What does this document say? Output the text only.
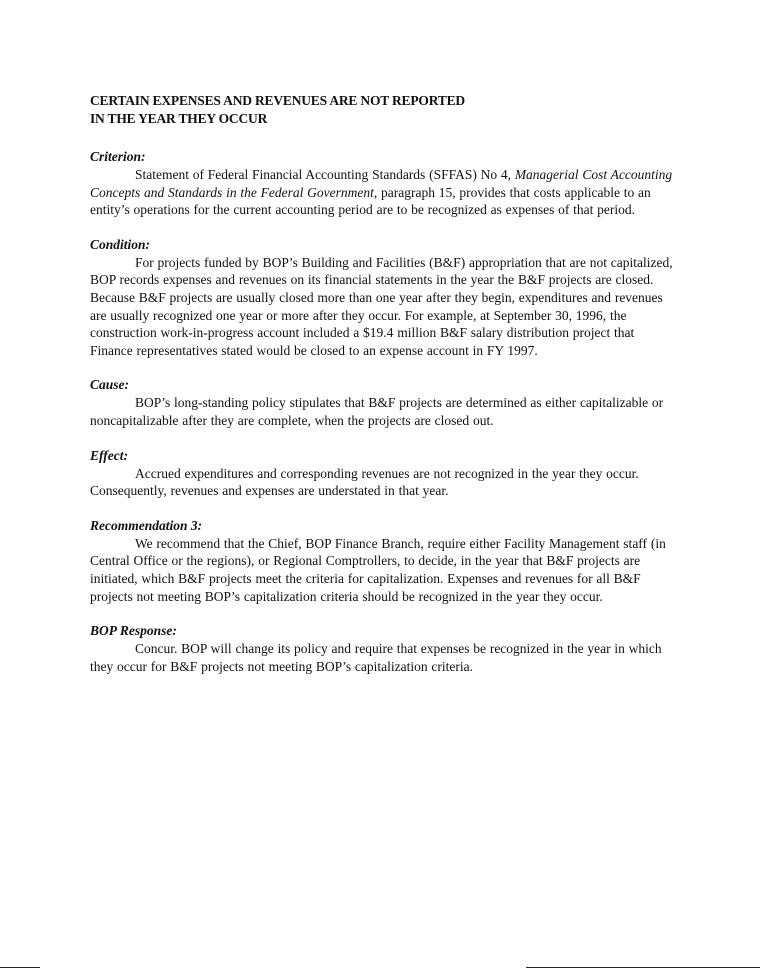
CERTAIN EXPENSES AND REVENUES ARE NOT REPORTED
IN THE YEAR THEY OCCUR
Criterion:

Statement of Federal Financial Accounting Standards (SFFAS) No 4, Managerial Cost Accounting Concepts and Standards in the Federal Government, paragraph 15, provides that costs applicable to an entity’s operations for the current accounting period are to be recognized as expenses of that period.

Condition:

For projects funded by BOP’s Building and Facilities (B&F) appropriation that are not capitalized, BOP records expenses and revenues on its financial statements in the year the B&F projects are closed. Because B&F projects are usually closed more than one year after they begin, expenditures and revenues are usually recognized one year or more after they occur. For example, at September 30, 1996, the construction work-in-progress account included a $19.4 million B&F salary distribution project that Finance representatives stated would be closed to an expense account in FY 1997.

Cause:

BOP’s long-standing policy stipulates that B&F projects are determined as either capitalizable or noncapitalizable after they are complete, when the projects are closed out.

Effect:

Accrued expenditures and corresponding revenues are not recognized in the year they occur. Consequently, revenues and expenses are understated in that year.

Recommendation 3:

We recommend that the Chief, BOP Finance Branch, require either Facility Management staff (in Central Office or the regions), or Regional Comptrollers, to decide, in the year that B&F projects are initiated, which B&F projects meet the criteria for capitalization. Expenses and revenues for all B&F projects not meeting BOP’s capitalization criteria should be recognized in the year they occur.

BOP Response:

Concur. BOP will change its policy and require that expenses be recognized in the year in which they occur for B&F projects not meeting BOP’s capitalization criteria.
